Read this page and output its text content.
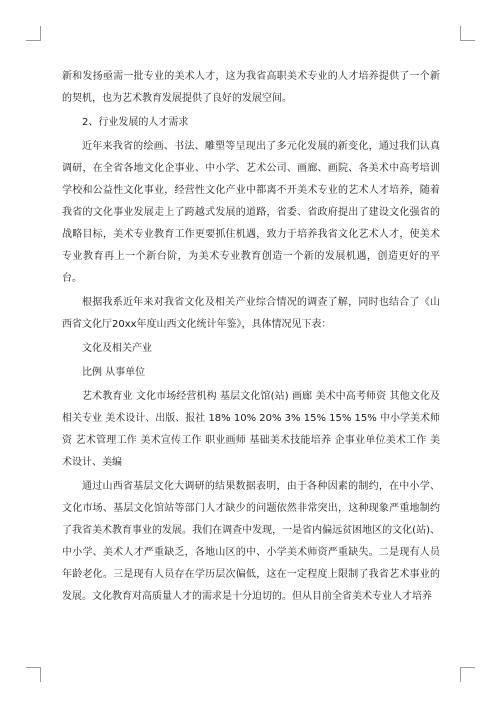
新和发扬亟需一批专业的美术人才，这为我省高职美术专业的人才培养提供了一个新的契机，也为艺术教育发展提供了良好的发展空间。

2、行业发展的人才需求

近年来我省的绘画、书法、雕塑等呈现出了多元化发展的新变化，通过我们认真调研，在全省各地文化企事业、中小学、艺术公司、画廊、画院、各美术中高考培训学校和公益性文化事业，经营性文化产业中都离不开美术专业的艺术人才培养，随着我省的文化事业发展走上了跨越式发展的道路，省委、省政府提出了建设文化强省的战略目标，美术专业教育工作更要抓住机遇，致力于培养我省文化艺术人才，使美术专业教育再上一个新台阶，为美术专业教育创造一个新的发展机遇，创造更好的平台。

根据我系近年来对我省文化及相关产业综合情况的调查了解，同时也结合了《山西省文化厅20xx年度山西文化统计年鉴》，具体情况见下表：

文化及相关产业

比例 从事单位

艺术教育业 文化市场经营机构 基层文化馆(站) 画廊 美术中高考师资 其他文化及相关专业 美术设计、出版、报社 18% 10% 20% 3% 15% 15% 15% 中小学美术师资 艺术管理工作 美术宣传工作 职业画师 基础美术技能培养 企事业单位美术工作 美术设计、美编

通过山西省基层文化大调研的结果数据表明，由于各种因素的制约，在中小学、文化市场、基层文化馆站等部门人才缺少的问题依然非常突出，这种现象严重地制约了我省美术教育事业的发展。我们在调查中发现，一是省内偏远贫困地区的文化(站)、中小学、美术人才严重缺乏，各地山区的中、小学美术师资严重缺失。二是现有人员年龄老化。三是现有人员存在学历层次偏低，这在一定程度上限制了我省艺术事业的发展。文化教育对高质量人才的需求是十分迫切的。但从目前全省美术专业人才培养
